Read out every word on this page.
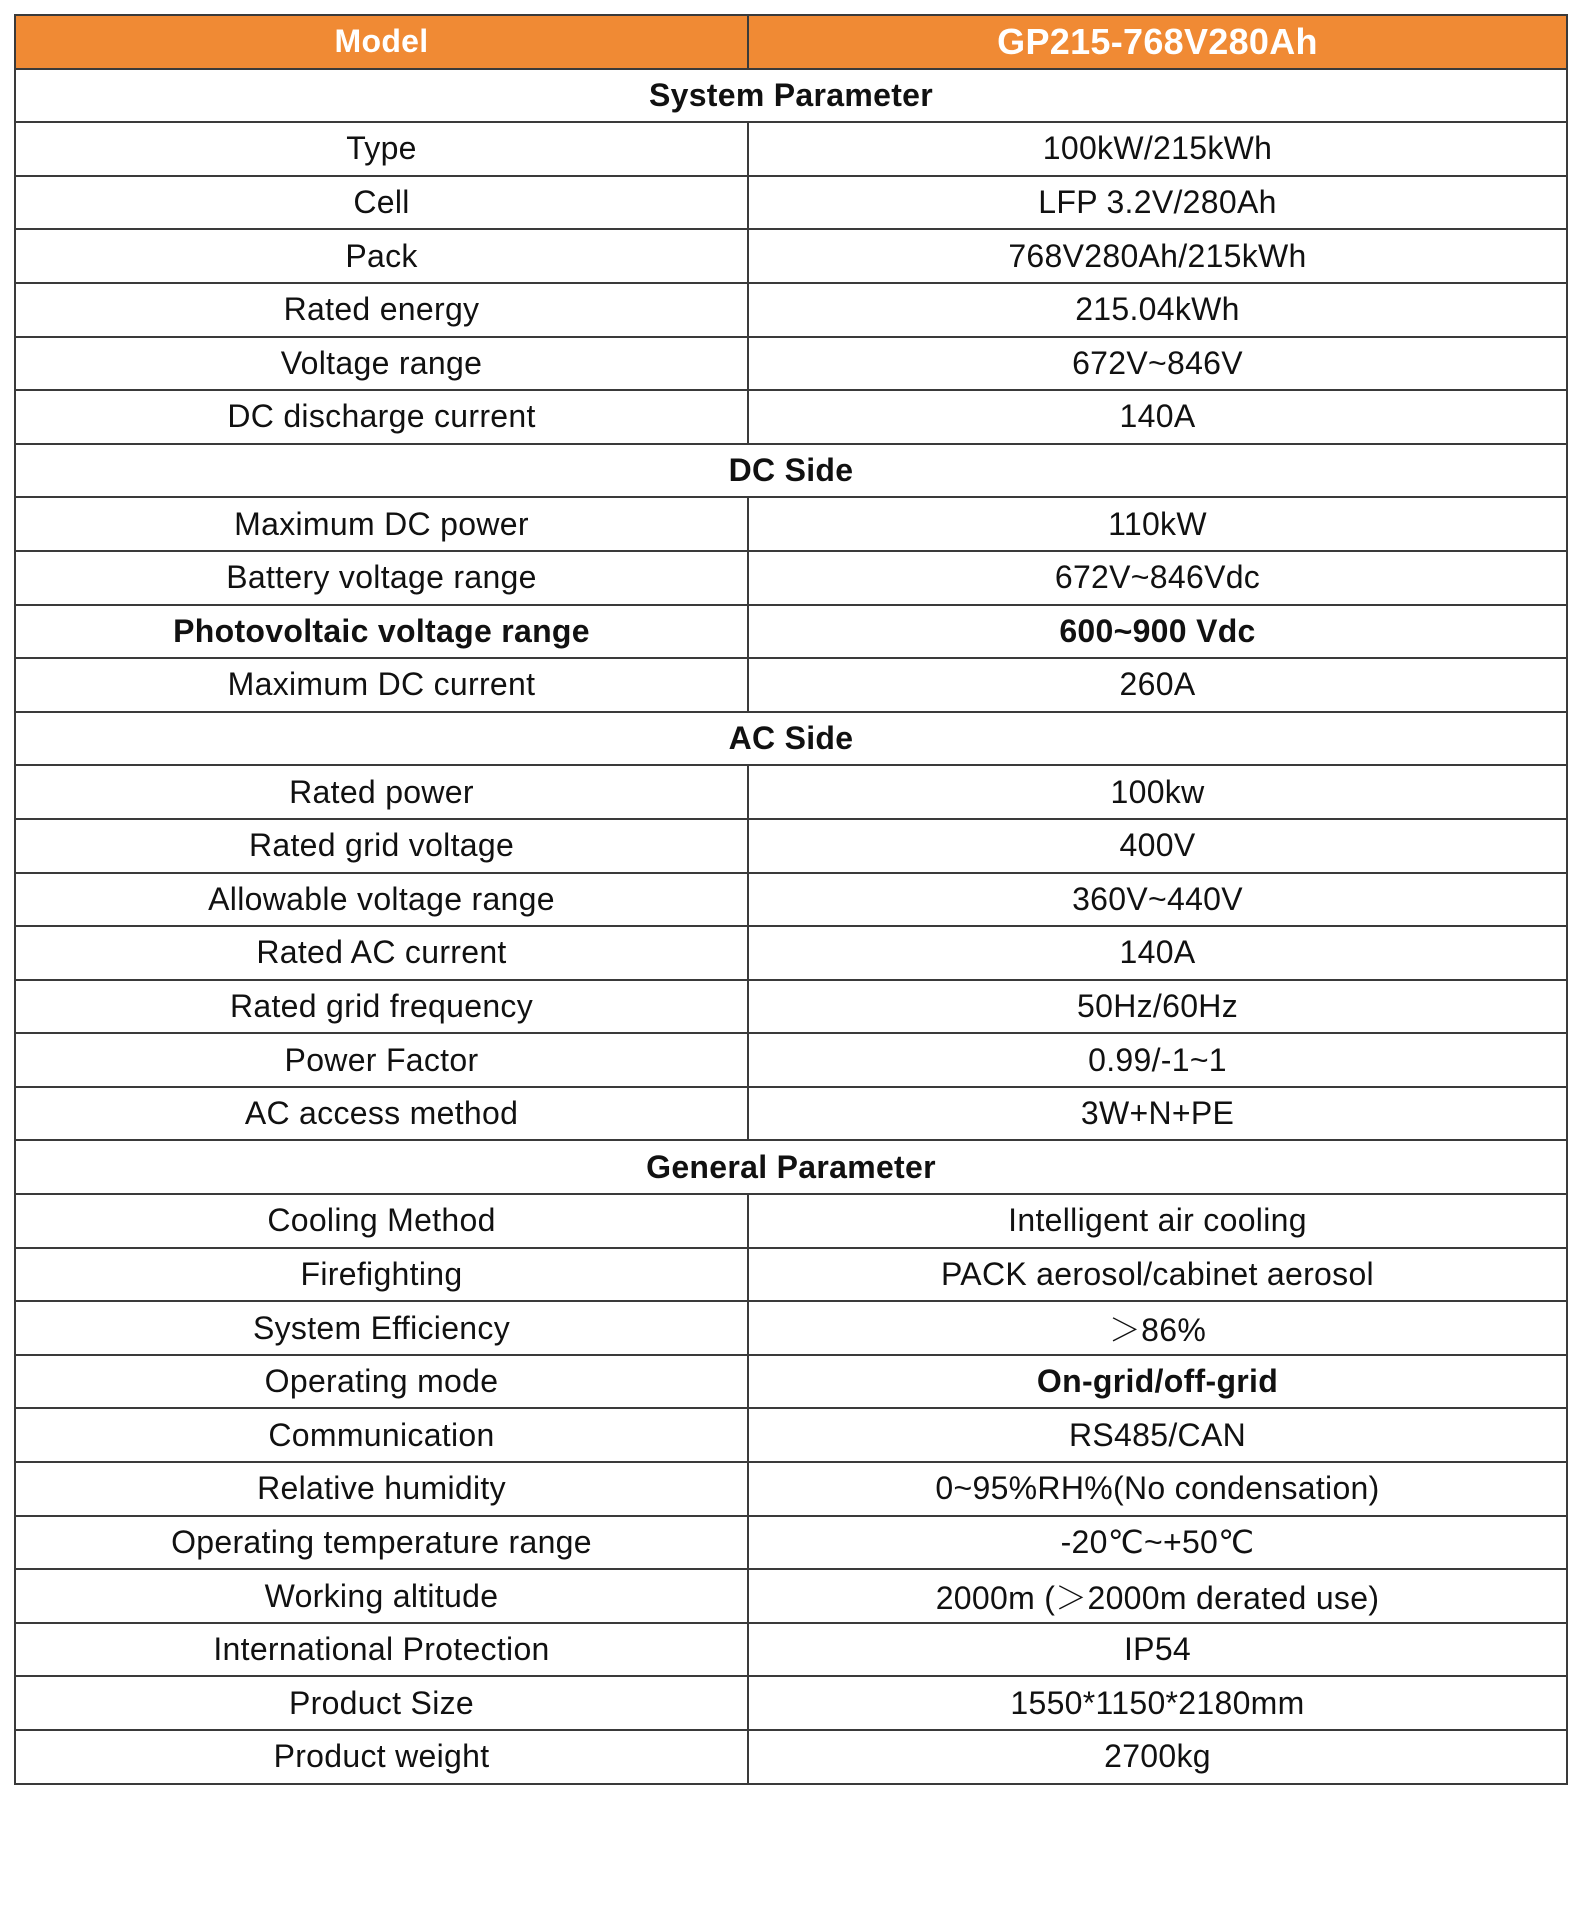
Model	GP215-768V280Ah
System Parameter	
Type	100kW/215kWh
Cell	LFP 3.2V/280Ah
Pack	768V280Ah/215kWh
Rated energy	215.04kWh
Voltage range	672V~846V
DC discharge current	140A
DC Side	
Maximum DC power	110kW
Battery voltage range	672V~846Vdc
Photovoltaic voltage range	600~900 Vdc
Maximum DC current	260A
AC Side	
Rated power	100kw
Rated grid voltage	400V
Allowable voltage range	360V~440V
Rated AC current	140A
Rated grid frequency	50Hz/60Hz
Power Factor	0.99/-1~1
AC access method	3W+N+PE
General Parameter	
Cooling Method	Intelligent air cooling
Firefighting	PACK aerosol/cabinet aerosol
System Efficiency	＞86%
Operating mode	On-grid/off-grid
Communication	RS485/CAN
Relative humidity	0~95%RH%(No condensation)
Operating temperature range	-20℃~+50℃
Working altitude	2000m (＞2000m derated use)
International Protection	IP54
Product Size	1550*1150*2180mm
Product weight	2700kg
